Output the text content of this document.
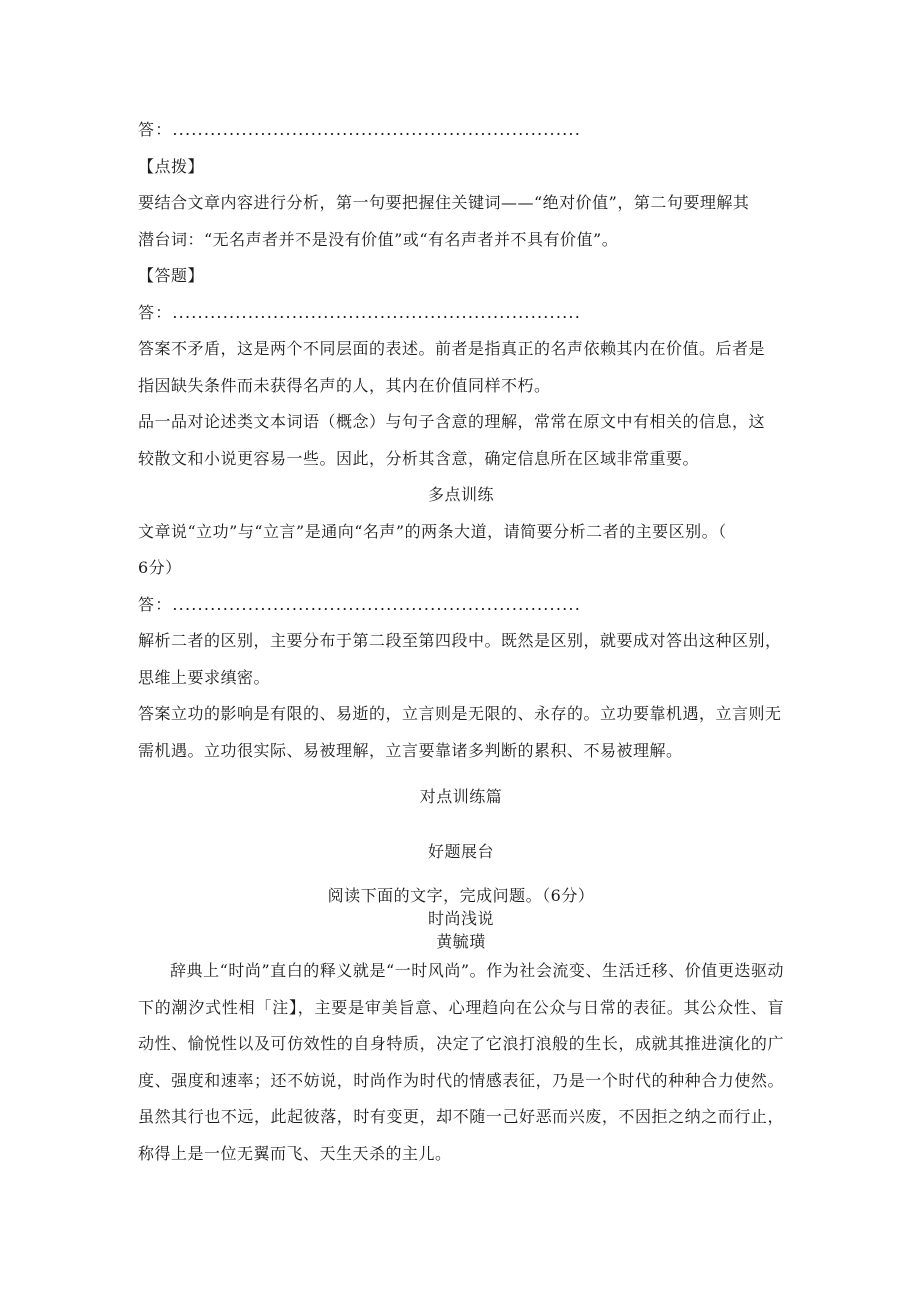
答：.................................................................
【点拨】
要结合文章内容进行分析，第一句要把握住关键词——“绝对价值”，第二句要理解其
潜台词：“无名声者并不是没有价值”或“有名声者并不具有价值”。
【答题】
答：.................................................................
答案不矛盾，这是两个不同层面的表述。前者是指真正的名声依赖其内在价值。后者是
指因缺失条件而未获得名声的人，其内在价值同样不朽。
品一品对论述类文本词语（概念）与句子含意的理解，常常在原文中有相关的信息，这
较散文和小说更容易一些。因此，分析其含意，确定信息所在区域非常重要。
多点训练
文章说“立功”与“立言”是通向“名声”的两条大道，请简要分析二者的主要区别。（
6分）
答：.................................................................
解析二者的区别，主要分布于第二段至第四段中。既然是区别，就要成对答出这种区别，
思维上要求缜密。
答案立功的影响是有限的、易逝的，立言则是无限的、永存的。立功要靠机遇，立言则无
需机遇。立功很实际、易被理解，立言要靠诸多判断的累积、不易被理解。
对点训练篇
好题展台
阅读下面的文字，完成问题。（6分）
时尚浅说
黄毓璜
辞典上“时尚”直白的释义就是“一时风尚”。作为社会流变、生活迁移、价值更迭驱动下的潮汐式性相「注】，主要是审美旨意、心理趋向在公众与日常的表征。其公众性、盲动性、愉悦性以及可仿效性的自身特质，决定了它浪打浪般的生长，成就其推进演化的广度、强度和速率；还不妨说，时尚作为时代的情感表征，乃是一个时代的种种合力使然。虽然其行也不远，此起彼落，时有变更，却不随一己好恶而兴废，不因拒之纳之而行止，称得上是一位无翼而飞、天生天杀的主儿。
